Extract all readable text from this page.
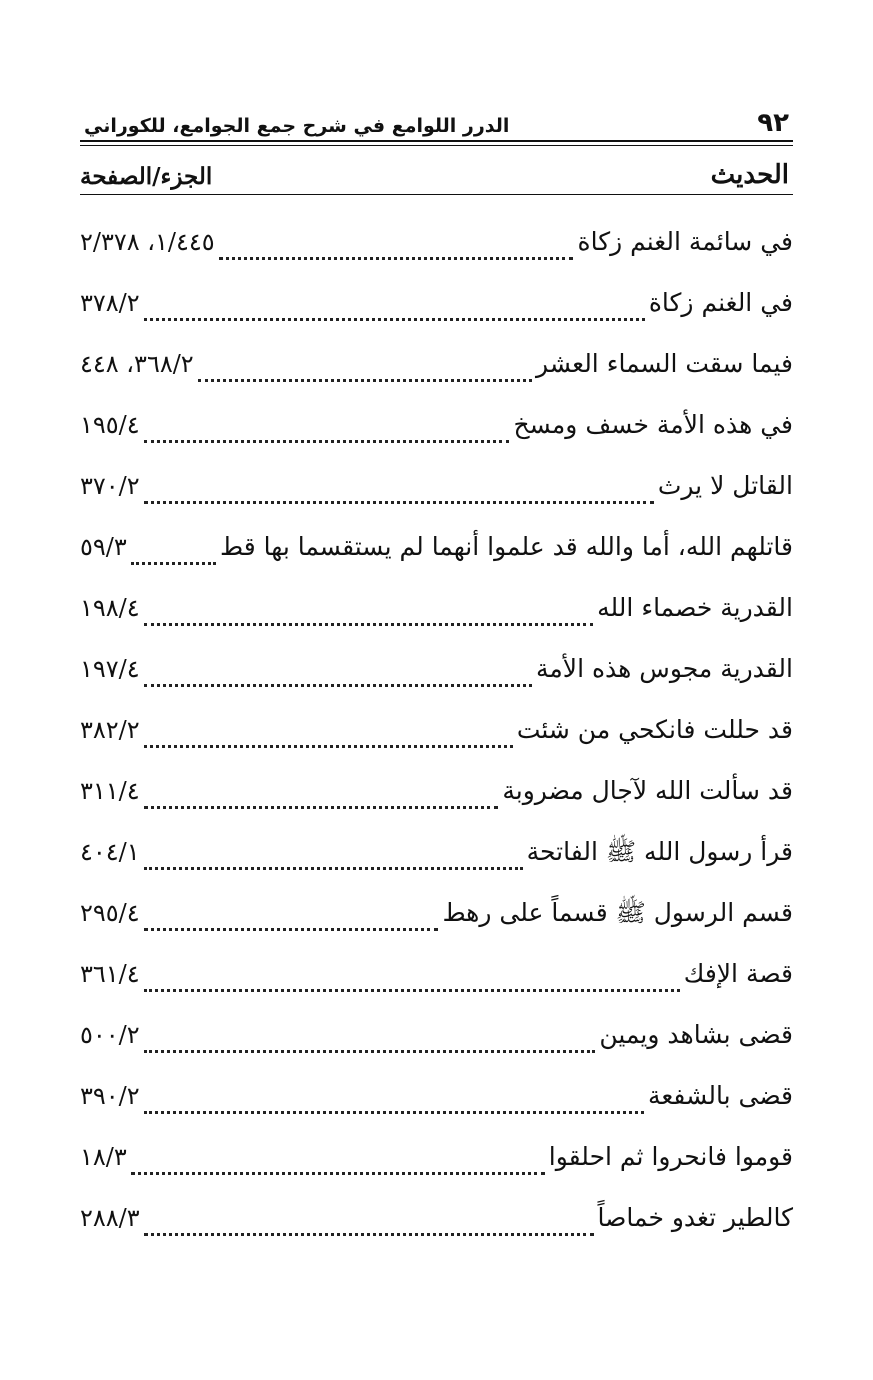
٩٢
الدرر اللوامع في شرح جمع الجوامع، للكوراني
الحديث
الجزء/الصفحة
في سائمة الغنم زكاة
١/٤٤٥، ٢/٣٧٨
في الغنم زكاة
٣٧٨/٢
فيما سقت السماء العشر
٣٦٨/٢، ٤٤٨
في هذه الأمة خسف ومسخ
١٩٥/٤
القاتل لا يرث
٣٧٠/٢
قاتلهم الله، أما والله قد علموا أنهما لم يستقسما بها قط
٥٩/٣
القدرية خصماء الله
١٩٨/٤
القدرية مجوس هذه الأمة
١٩٧/٤
قد حللت فانكحي من شئت
٣٨٢/٢
قد سألت الله لآجال مضروبة
٣١١/٤
قرأ رسول الله ﷺ الفاتحة
٤٠٤/١
قسم الرسول ﷺ قسماً على رهط
٢٩٥/٤
قصة الإفك
٣٦١/٤
قضى بشاهد ويمين
٥٠٠/٢
قضى بالشفعة
٣٩٠/٢
قوموا فانحروا ثم احلقوا
١٨/٣
كالطير تغدو خماصاً
٢٨٨/٣
